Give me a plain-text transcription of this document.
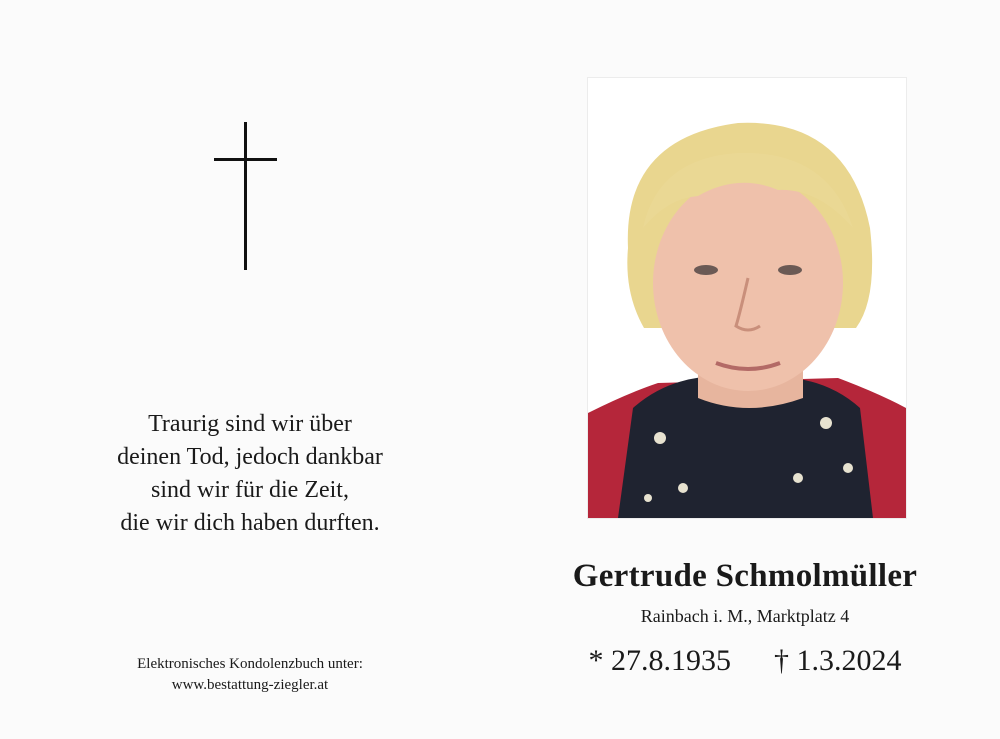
Traurig sind wir über
deinen Tod, jedoch dankbar
sind wir für die Zeit,
die wir dich haben durften.
Elektronisches Kondolenzbuch unter:
www.bestattung-ziegler.at
Gertrude Schmolmüller
Rainbach i. M., Marktplatz 4
* 27.8.1935 † 1.3.2024
